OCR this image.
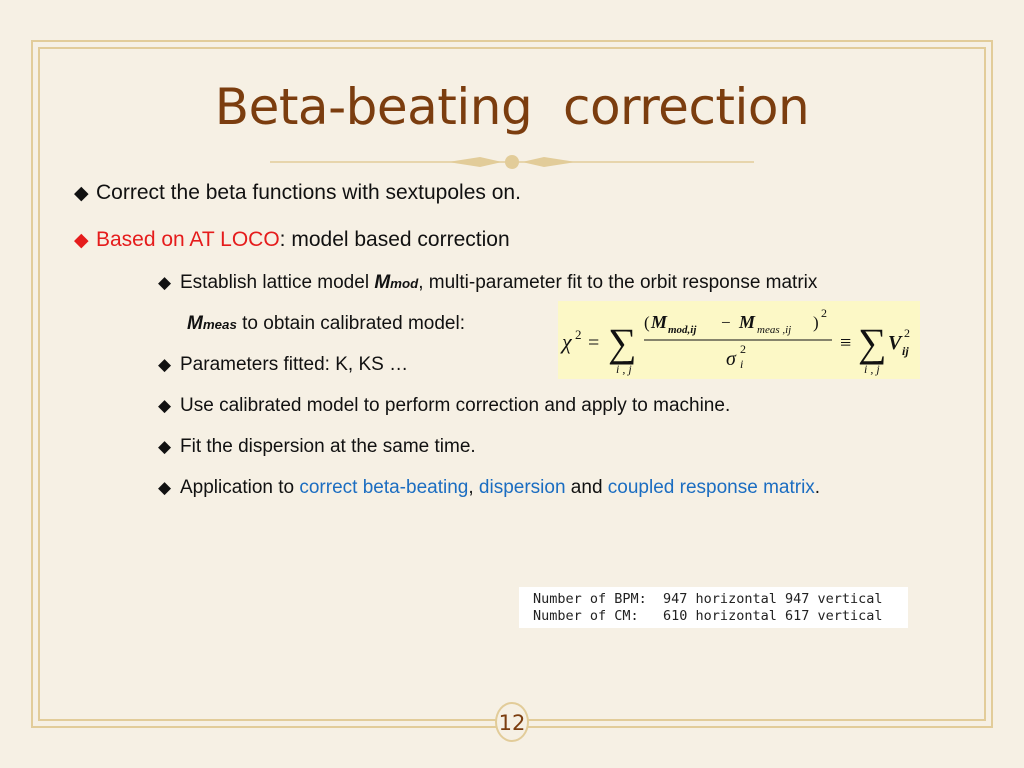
Beta-beating  correction
◆ Correct the beta functions with sextupoles on.
◆ Based on AT LOCO : model based correction
◆ Establish lattice model M mod , multi-parameter fit to the orbit response matrix
M meas to obtain calibrated model:
◆ Parameters fitted: K, KS …
◆ Use calibrated model to perform correction and apply to machine.
◆ Fit the dispersion at the same time.
◆ Application to correct beta-beating , dispersion and coupled response matrix .
χ 2 = ∑
i , j
( M mod,ij − M meas ,ij ) 2
σ 2
i
≡ ∑
i , j
V 2
ij
Number of BPM:  947 horizontal 947 vertical
Number of CM:   610 horizontal 617 vertical
12
